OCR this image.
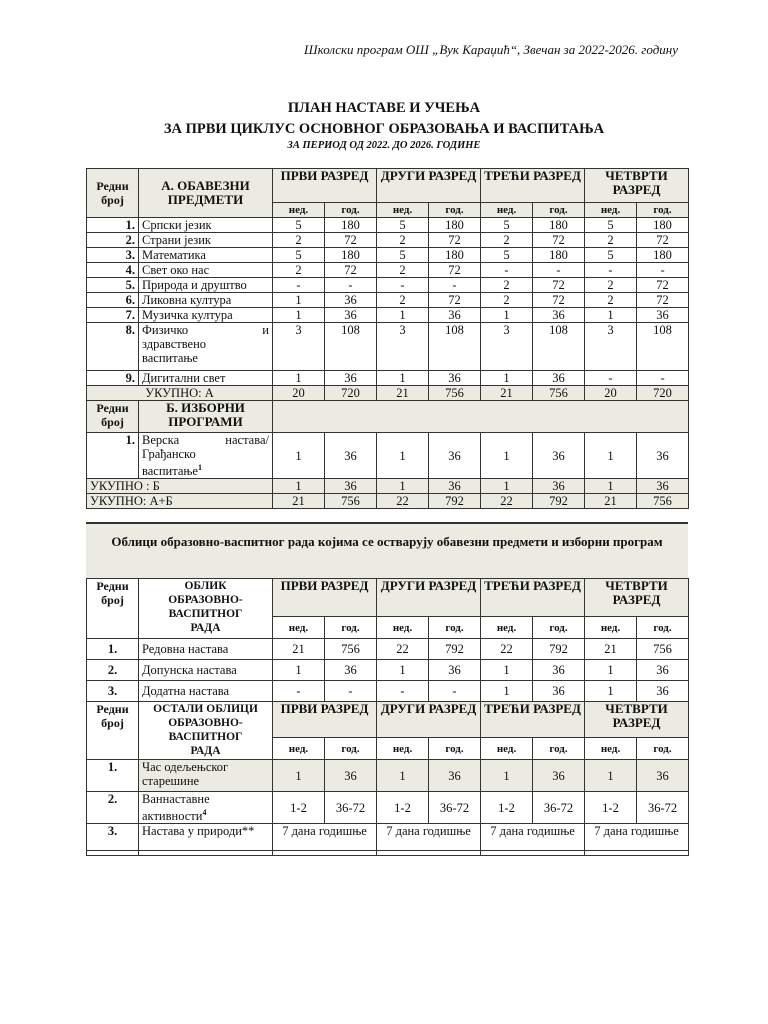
Школски програм ОШ „Вук Караџић“, Звечан за 2022-2026. годину
ПЛАН НАСТАВЕ И УЧЕЊА
ЗА ПРВИ ЦИКЛУС ОСНОВНОГ ОБРАЗОВАЊА И ВАСПИТАЊА
ЗА ПЕРИОД ОД 2022. ДО 2026. ГОДИНЕ
Редни број	А. ОБАВЕЗНИ ПРЕДМЕТИ	ПРВИ РАЗРЕД		ДРУГИ РАЗРЕД		ТРЕЋИ РАЗРЕД		ЧЕТВРТИ РАЗРЕД	
		нед.	год.	нед.	год.	нед.	год.	нед.	год.
1.	Српски језик	5	180	5	180	5	180	5	180
2.	Страни језик	2	72	2	72	2	72	2	72
3.	Математика	5	180	5	180	5	180	5	180
4.	Свет око нас	2	72	2	72	-	-	-	-
5.	Природа и друштво	-	-	-	-	2	72	2	72
6.	Ликовна култура	1	36	2	72	2	72	2	72
7.	Музичка култура	1	36	1	36	1	36	1	36
8.	Физичко и
здравствено
васпитање	3	108	3	108	3	108	3	108
9.	Дигитални свет	1	36	1	36	1	36	-	-
УКУПНО: А		20	720	21	756	21	756	20	720
Редни број	Б. ИЗБОРНИ ПРОГРАМИ								
1.	Верска настава/
Грађанско
васпитање$^1$	1	36	1	36	1	36	1	36
УКУПНО : Б		1	36	1	36	1	36	1	36
УКУПНО: А+Б		21	756	22	792	22	792	21	756
Облици образовно-васпитног рада којима се остварују обавезни предмети и изборни програм
Редни број	ОБЛИК ОБРАЗОВНО-ВАСПИТНОГ РАДА	ПРВИ РАЗРЕД		ДРУГИ РАЗРЕД		ТРЕЋИ РАЗРЕД		ЧЕТВРТИ РАЗРЕД	
		нед.	год.	нед.	год.	нед.	год.	нед.	год.
1.	Редовна настава	21	756	22	792	22	792	21	756
2.	Допунска настава	1	36	1	36	1	36	1	36
3.	Додатна настава	-	-	-	-	1	36	1	36
Редни број	ОСТАЛИ ОБЛИЦИ ОБРАЗОВНО-ВАСПИТНОГ РАДА	ПРВИ РАЗРЕД		ДРУГИ РАЗРЕД		ТРЕЋИ РАЗРЕД		ЧЕТВРТИ РАЗРЕД	
		нед.	год.	нед.	год.	нед.	год.	нед.	год.
1.	Час одељењског старешине	1	36	1	36	1	36	1	36
2.	Ваннаставне активности$^4$	1-2	36-72	1-2	36-72	1-2	36-72	1-2	36-72
3.	Настава у природи**	7 дана годишње		7 дана годишње		7 дана годишње		7 дана годишње	
